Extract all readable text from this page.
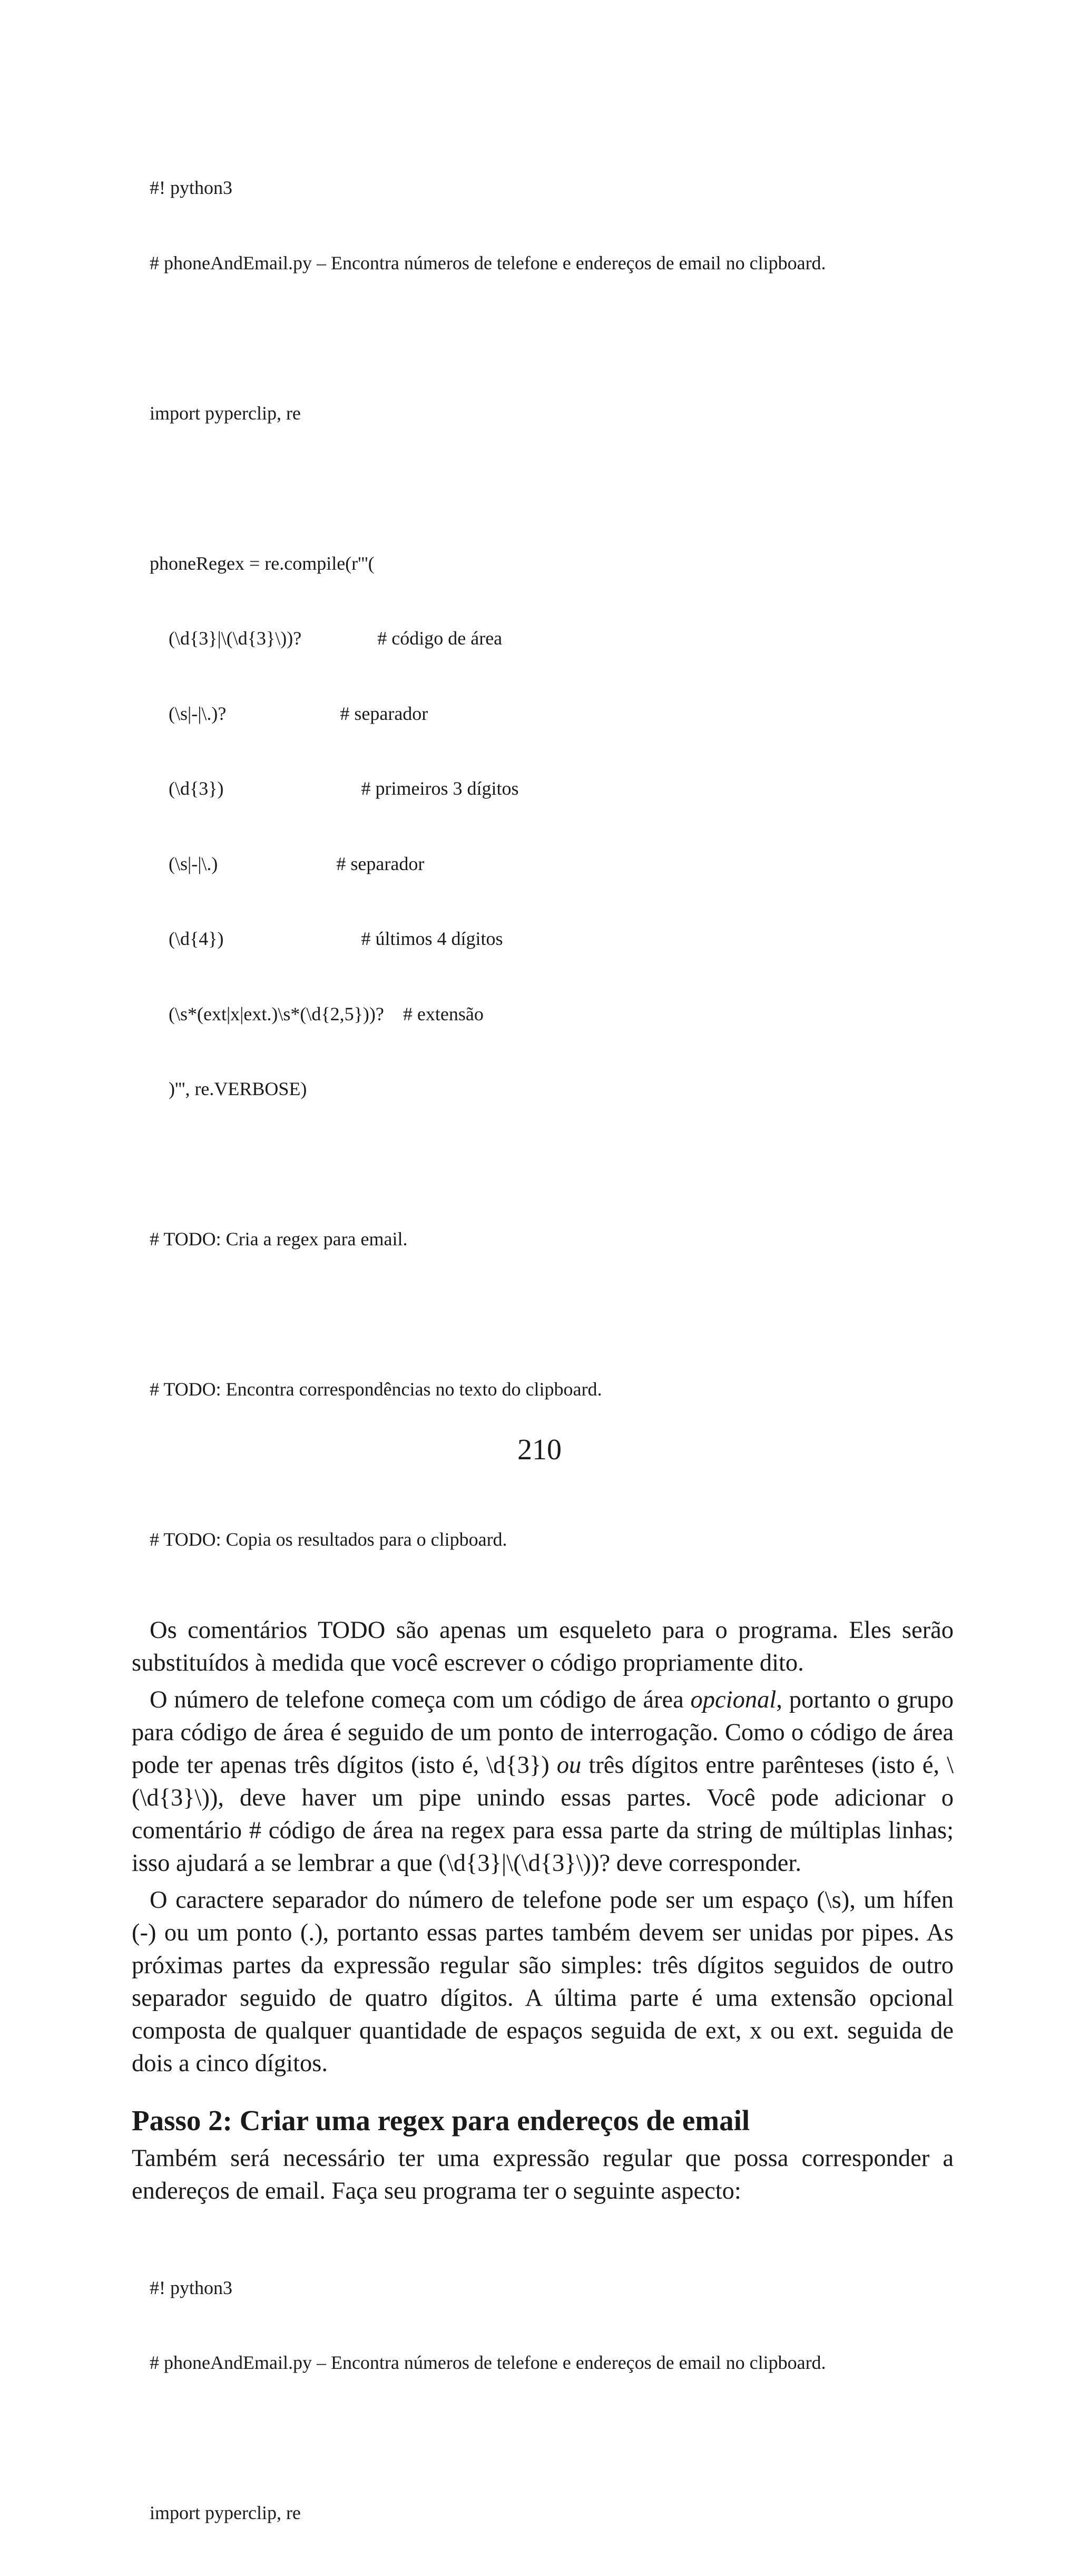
#! python3

# phoneAndEmail.py – Encontra números de telefone e endereços de email no clipboard.

import pyperclip, re

phoneRegex = re.compile(r'''(

(\d{3}|\(\d{3}\))?                # código de área

(\s|-|\.)?                        # separador

(\d{3})                             # primeiros 3 dígitos

(\s|-|\.)                         # separador

(\d{4})                             # últimos 4 dígitos

(\s*(ext|x|ext.)\s*(\d{2,5}))?    # extensão

)''', re.VERBOSE)

# TODO: Cria a regex para email.

# TODO: Encontra correspondências no texto do clipboard.

# TODO: Copia os resultados para o clipboard.

Os comentários TODO são apenas um esqueleto para o programa. Eles serão substituídos à medida que você escrever o código propriamente dito.

O número de telefone começa com um código de área opcional, portanto o grupo para código de área é seguido de um ponto de interrogação. Como o código de área pode ter apenas três dígitos (isto é, \d{3}) ou três dígitos entre parênteses (isto é, \(\d{3}\)), deve haver um pipe unindo essas partes. Você pode adicionar o comentário # código de área na regex para essa parte da string de múltiplas linhas; isso ajudará a se lembrar a que (\d{3}|\(\d{3}\))? deve corresponder.

O caractere separador do número de telefone pode ser um espaço (\s), um hífen (-) ou um ponto (.), portanto essas partes também devem ser unidas por pipes. As próximas partes da expressão regular são simples: três dígitos seguidos de outro separador seguido de quatro dígitos. A última parte é uma extensão opcional composta de qualquer quantidade de espaços seguida de ext, x ou ext. seguida de dois a cinco dígitos.

Passo 2: Criar uma regex para endereços de email

Também será necessário ter uma expressão regular que possa corresponder a endereços de email. Faça seu programa ter o seguinte aspecto:

#! python3

# phoneAndEmail.py – Encontra números de telefone e endereços de email no clipboard.

import pyperclip, re

210
